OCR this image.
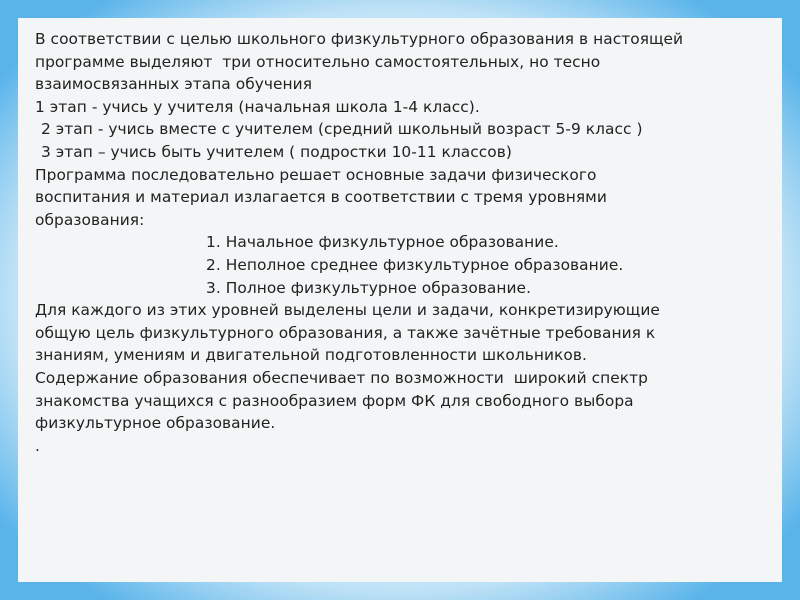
В соответствии с целью школьного физкультурного образования в настоящей
программе выделяют  три относительно самостоятельных, но тесно
взаимосвязанных этапа обучения
1 этап - учись у учителя (начальная школа 1-4 класс).
2 этап - учись вместе с учителем (средний школьный возраст 5-9 класс )
3 этап – учись быть учителем ( подростки 10-11 классов)
Программа последовательно решает основные задачи физического
воспитания и материал излагается в соответствии с тремя уровнями
образования:
1. Начальное физкультурное образование.
2. Неполное среднее физкультурное образование.
3. Полное физкультурное образование.
Для каждого из этих уровней выделены цели и задачи, конкретизирующие
общую цель физкультурного образования, а также зачётные требования к
знаниям, умениям и двигательной подготовленности школьников.
Содержание образования обеспечивает по возможности  широкий спектр
знакомства учащихся с разнообразием форм ФК для свободного выбора
физкультурное образование.
.
